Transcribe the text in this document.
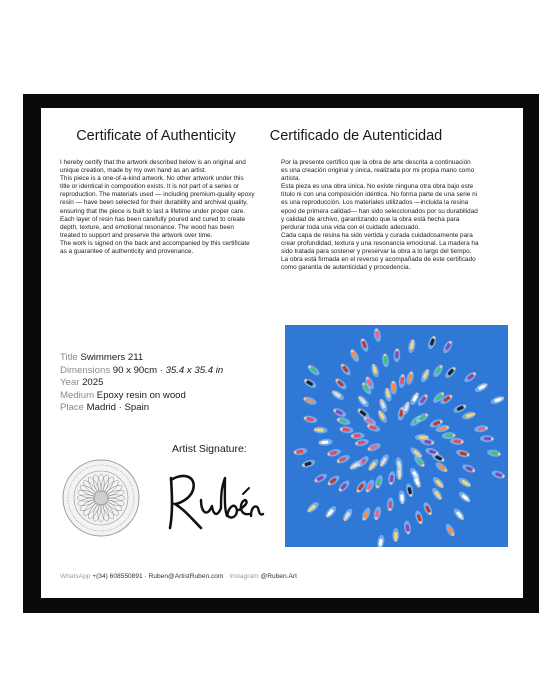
Certificate of Authenticity	Certificado de Autenticidad

I hereby certify that the artwork described below is an original and unique creation, made by my own hand as an artist.

This piece is a one-of-a-kind artwork. No other artwork under this title or identical in composition exists. It is not part of a series or reproduction. The materials used — including premium-quality epoxy resin — have been selected for their durability and archival quality, ensuring that the piece is built to last a lifetime under proper care.

Each layer of resin has been carefully poured and cured to create depth, texture, and emotional resonance. The wood has been treated to support and preserve the artwork over time.

The work is signed on the back and accompanied by this certificate as a guarantee of authenticity and provenance.

Por la presente certifico que la obra de arte descrita a continuación es una creación original y única, realizada por mi propia mano como artista.

Esta pieza es una obra única. No existe ninguna otra obra bajo este título ni con una composición idéntica. No forma parte de una serie ni es una reproducción. Los materiales utilizados —incluida la resina epoxi de primera calidad— han sido seleccionados por su durabilidad y calidad de archivo, garantizando que la obra está hecha para perdurar toda una vida con el cuidado adecuado.

Cada capa de resina ha sido vertida y curada cuidadosamente para crear profundidad, textura y una resonancia emocional. La madera ha sido tratada para sostener y preservar la obra a lo largo del tiempo.

La obra está firmada en el reverso y acompañada de este certificado como garantía de autenticidad y procedencia.

Title Swimmers 211
Dimensions 90 x 90cm · 35.4 x 35.4 in
Year 2025
Medium Epoxy resin on wood
Place Madrid · Spain
Artist Signature:
WhatsApp +(34) 608550891 · Ruben@ArtistRuben.com · Instagram @Ruben.Art
